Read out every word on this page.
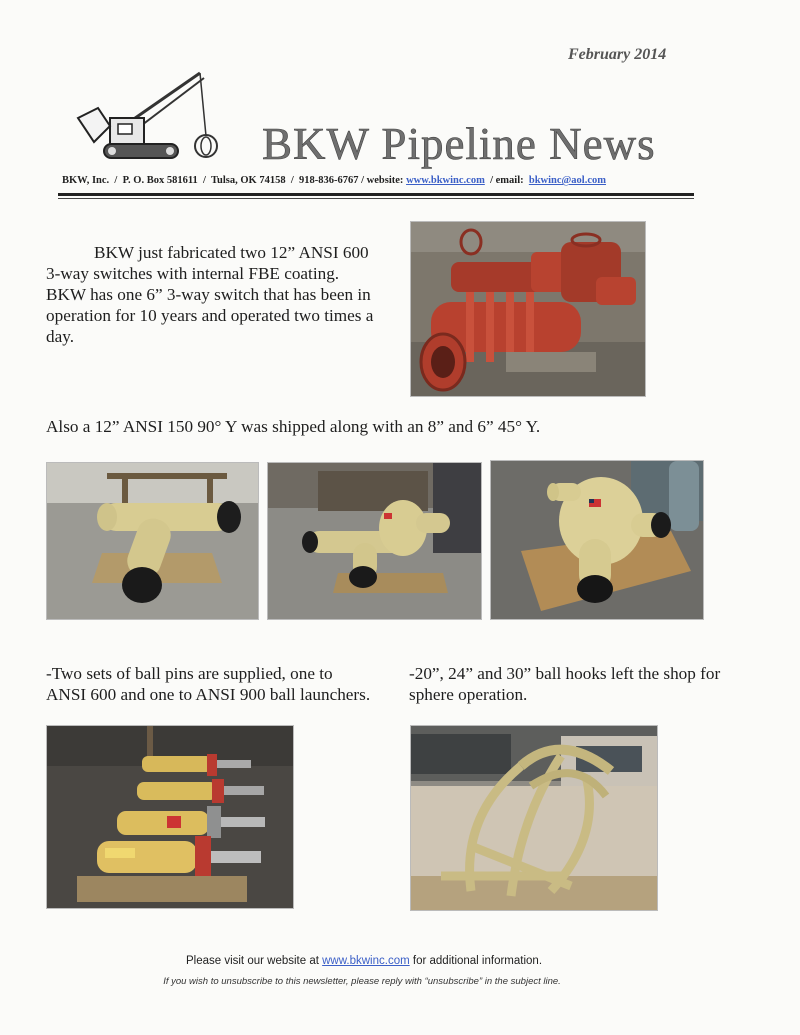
February 2014
BKW Pipeline News
BKW, Inc.  /  P. O. Box 581611  /  Tulsa, OK 74158  /  918-836-6767 / website: www.bkwinc.com / email: bkwinc@aol.com
BKW just fabricated two 12” ANSI 600 3-way switches with internal FBE coating. BKW has one 6” 3-way switch that has been in operation for 10 years and operated two times a day.
Also a 12” ANSI 150 90° Y was shipped along with an 8” and 6” 45° Y.
-Two sets of ball pins are supplied, one to ANSI 600 and one to ANSI 900 ball launchers.
-20”, 24” and 30” ball hooks left the shop for sphere operation.
Please visit our website at www.bkwinc.com for additional information.
If you wish to unsubscribe to this newsletter, please reply with “unsubscribe” in the subject line.
